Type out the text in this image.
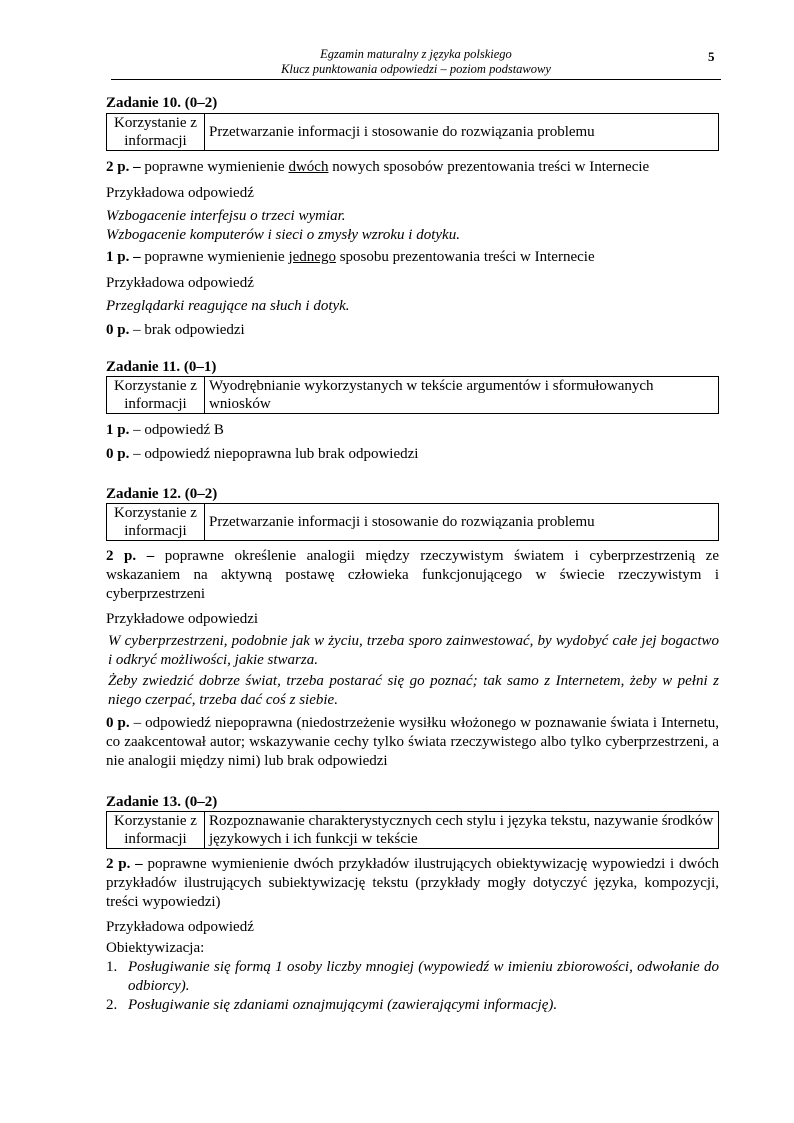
Egzamin maturalny z języka polskiego
Klucz punktowania odpowiedzi – poziom podstawowy
5
Zadanie 10. (0–2)
Korzystanie z informacji	Przetwarzanie informacji i stosowanie do rozwiązania problemu
2 p. – poprawne wymienienie dwóch nowych sposobów prezentowania treści w Internecie
Przykładowa odpowiedź
Wzbogacenie interfejsu o trzeci wymiar.
Wzbogacenie komputerów i sieci o zmysły wzroku i dotyku.
1 p. – poprawne wymienienie jednego sposobu prezentowania treści w Internecie
Przykładowa odpowiedź
Przeglądarki reagujące na słuch i dotyk.
0 p. – brak odpowiedzi
Zadanie 11. (0–1)
Korzystanie z informacji	Wyodrębnianie wykorzystanych w tekście argumentów i sformułowanych wniosków
1 p. – odpowiedź B
0 p. – odpowiedź niepoprawna lub brak odpowiedzi
Zadanie 12. (0–2)
Korzystanie z informacji	Przetwarzanie informacji i stosowanie do rozwiązania problemu
2 p. – poprawne określenie analogii między rzeczywistym światem i cyberprzestrzenią ze wskazaniem na aktywną postawę człowieka funkcjonującego w świecie rzeczywistym i cyberprzestrzeni
Przykładowe odpowiedzi
W cyberprzestrzeni, podobnie jak w życiu, trzeba sporo zainwestować, by wydobyć całe jej bogactwo i odkryć możliwości, jakie stwarza.
Żeby zwiedzić dobrze świat, trzeba postarać się go poznać; tak samo z Internetem, żeby w pełni z niego czerpać, trzeba dać coś z siebie.
0 p. – odpowiedź niepoprawna (niedostrzeżenie wysiłku włożonego w poznawanie świata i Internetu, co zaakcentował autor; wskazywanie cechy tylko świata rzeczywistego albo tylko cyberprzestrzeni, a nie analogii między nimi) lub brak odpowiedzi
Zadanie 13. (0–2)
Korzystanie z informacji	Rozpoznawanie charakterystycznych cech stylu i języka tekstu, nazywanie środków językowych i ich funkcji w tekście
2 p. – poprawne wymienienie dwóch przykładów ilustrujących obiektywizację wypowiedzi i dwóch przykładów ilustrujących subiektywizację tekstu (przykłady mogły dotyczyć języka, kompozycji, treści wypowiedzi)
Przykładowa odpowiedź
Obiektywizacja:
1. Posługiwanie się formą 1 osoby liczby mnogiej (wypowiedź w imieniu zbiorowości, odwołanie do odbiorcy).
2. Posługiwanie się zdaniami oznajmującymi (zawierającymi informację).
